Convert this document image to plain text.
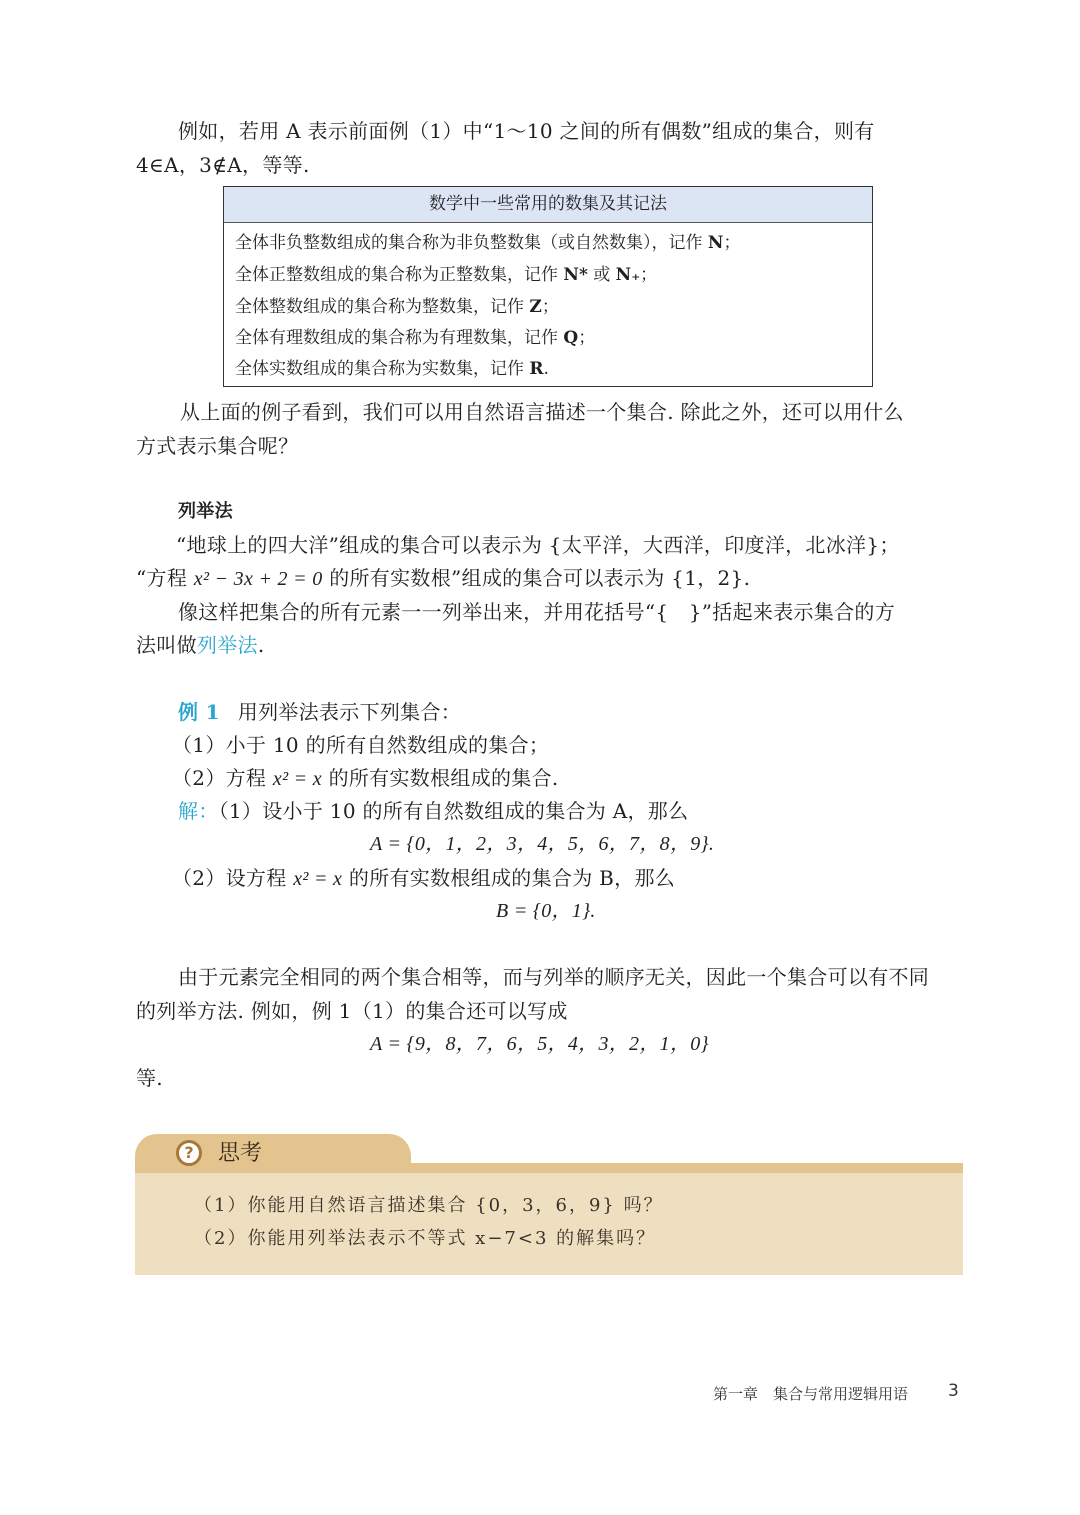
例如，若用 A 表示前面例（1）中“1～10 之间的所有偶数”组成的集合，则有
4∈A，3∉A，等等.
数学中一些常用的数集及其记法
全体非负整数组成的集合称为非负整数集（或自然数集），记作 N；
全体正整数组成的集合称为正整数集，记作 N* 或 N₊；
全体整数组成的集合称为整数集，记作 Z；
全体有理数组成的集合称为有理数集，记作 Q；
全体实数组成的集合称为实数集，记作 R.
从上面的例子看到，我们可以用自然语言描述一个集合. 除此之外，还可以用什么
方式表示集合呢？
列举法
“地球上的四大洋”组成的集合可以表示为 {太平洋，大西洋，印度洋，北冰洋}；
“方程 x² − 3x + 2 = 0 的所有实数根”组成的集合可以表示为 {1，2}.
像这样把集合的所有元素一一列举出来，并用花括号“{　}”括起来表示集合的方
法叫做列举法.
例 1 用列举法表示下列集合：
（1）小于 10 的所有自然数组成的集合；
（2）方程 x² = x 的所有实数根组成的集合.
解：（1）设小于 10 的所有自然数组成的集合为 A，那么
A = {0，1，2，3，4，5，6，7，8，9}.
（2）设方程 x² = x 的所有实数根组成的集合为 B，那么
B = {0，1}.
由于元素完全相同的两个集合相等，而与列举的顺序无关，因此一个集合可以有不同
的列举方法. 例如，例 1（1）的集合还可以写成
A = {9，8，7，6，5，4，3，2，1，0}
等.
?	思考
（1）你能用自然语言描述集合 {0，3，6，9} 吗？
（2）你能用列举法表示不等式 x−7<3 的解集吗？
第一章　集合与常用逻辑用语 3
